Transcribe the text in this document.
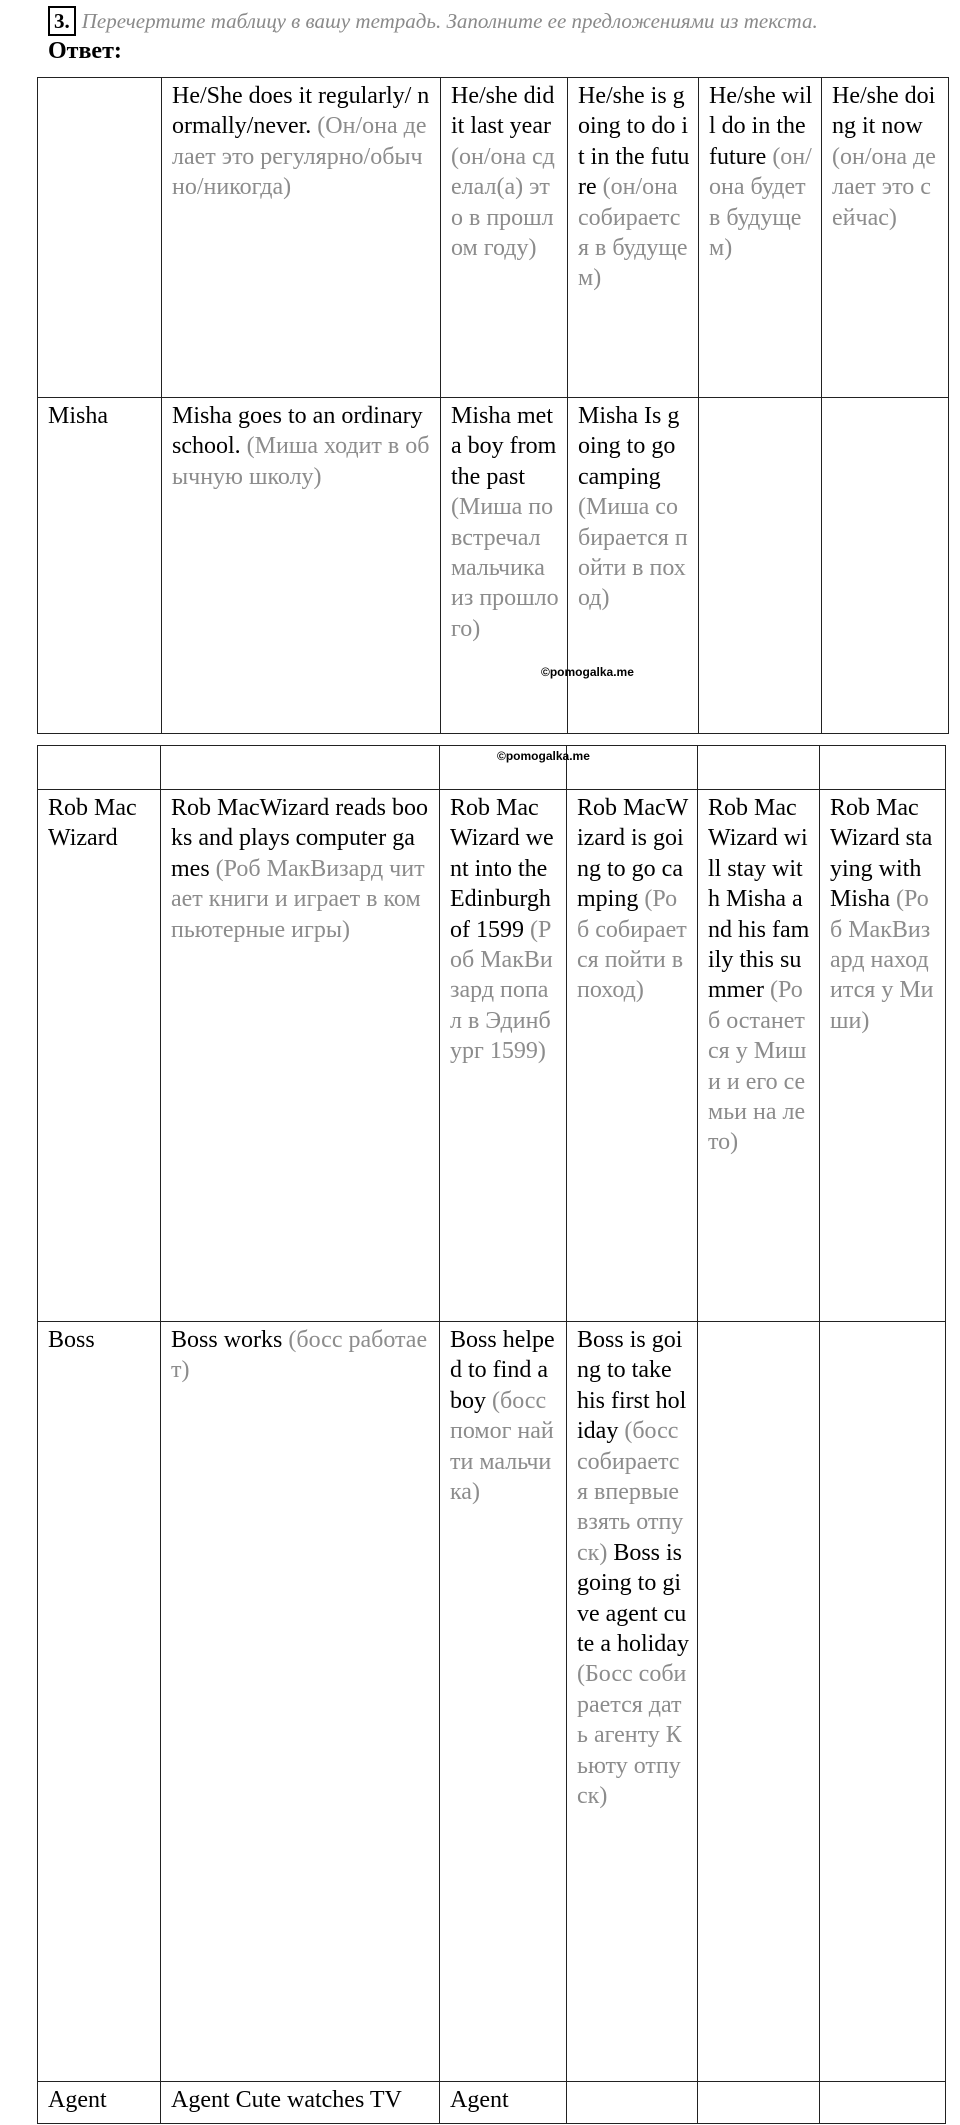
3. Перечертите таблицу в вашу тетрадь. Заполните ее предложениями из текста.
Ответ:
	He/She does it regularly/ normally/never. (Он/она делает это регулярно/обычно/никогда)	He/she did it last year (он/она сделал(а) это в прошлом году)	He/she is going to do it in the future (он/она собирается в будущем)	He/she will do in the future (он/она будет в будущем)	He/she doing it now (он/она делает это сейчас)
Misha	Misha goes to an ordinary school. (Миша ходит в обычную школу)	Misha met a boy from the past (Миша повстречал мальчика из прошлого)	Misha Is going to go camping (Миша собирается пойти в поход)		
©pomogalka.me

Rob MacWizard	Rob MacWizard reads books and plays computer games (Роб МакВизард читает книги и играет в компьютерные игры)	Rob MacWizard went into the Edinburgh of 1599 (Роб МакВизард попал в Эдинбург 1599)	Rob MacWizard is going to go camping (Роб собирается пойти в поход)	Rob MacWizard will stay with Misha and his family this summer (Роб останется у Миши и его семьи на лето)	Rob MacWizard staying with Misha (Роб МакВизард находится у Миши)
Boss	Boss works (босс работает)	Boss helped to find a boy (босс помог найти мальчика)	Boss is going to take his first holiday (босс собирается впервые взять отпуск) Boss is going to give agent cute a holiday (Босс собирается дать агенту Кьюту отпуск)		
Agent	Agent Cute watches TV	Agent			
©pomogalka.me
